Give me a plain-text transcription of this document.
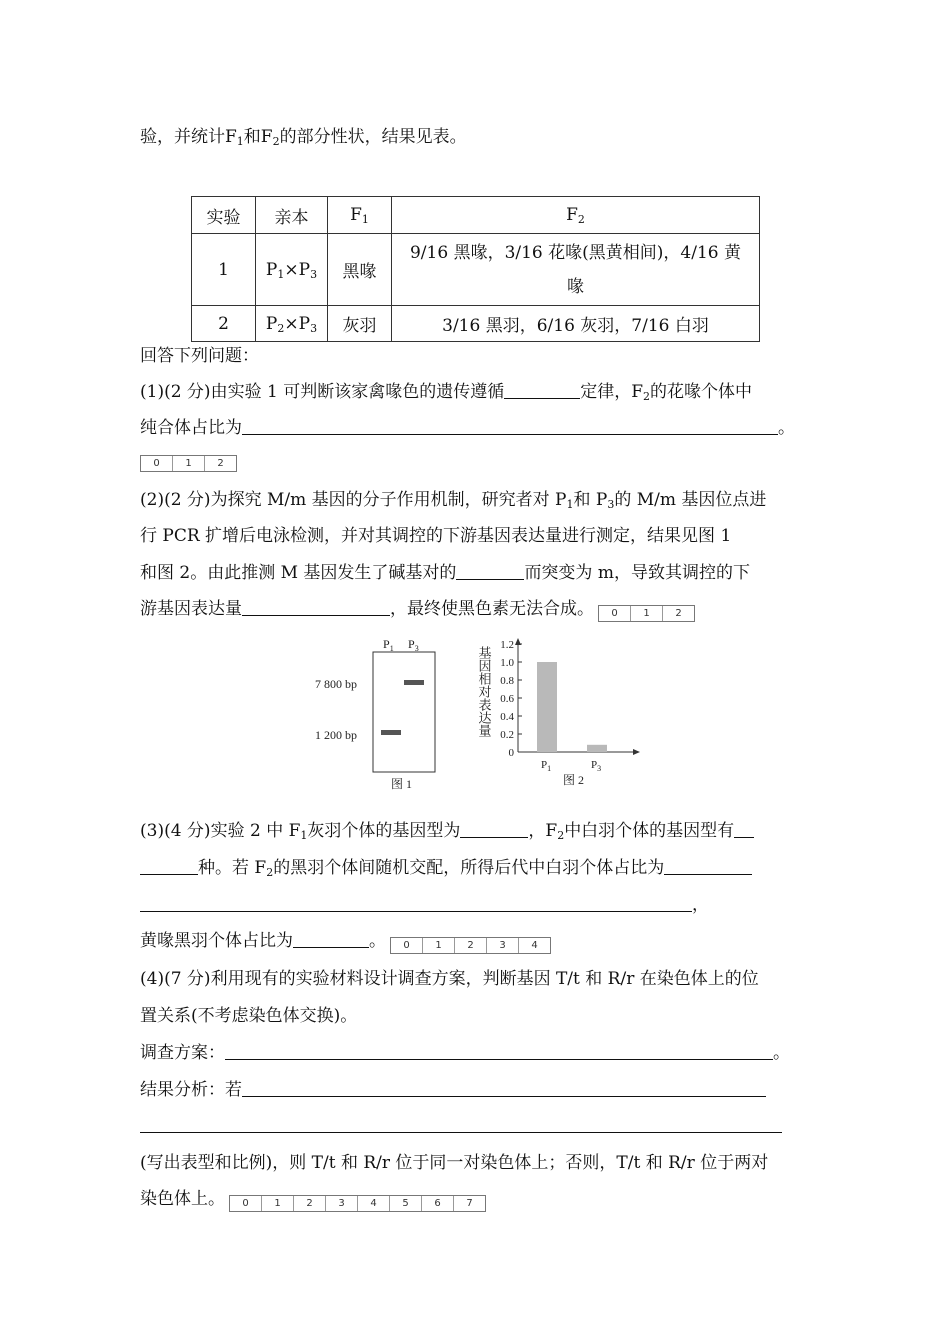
验，并统计$F_1$和$F_2$的部分性状，结果见表。
实验	亲本	$F_1$	$F_2$
1	$P_1\times P_3$	黑喙	9/16 黑喙，3/16 花喙(黑黄相间)，4/16 黄
喙
2	$P_2\times P_3$	灰羽	3/16 黑羽，6/16 灰羽，7/16 白羽
回答下列问题：
(1)(2 分)由实验 1 可判断该家禽喙色的遗传遵循	定律，$F_2$的花喙个体中
纯合体占比为	。
0	1	2
(2)(2 分)为探究 M/m 基因的分子作用机制，研究者对 $P_1$和 $P_3$的 M/m 基因位点进
行 PCR 扩增后电泳检测，并对其调控的下游基因表达量进行测定，结果见图 1
和图 2。由此推测 M 基因发生了碱基对的	而突变为 m，导致其调控的下
游基因表达量	，最终使黑色素无法合成。	0	1	2
$P_1$ $P_3$
7 800 bp
1 200 bp
图 1
基因相对表达量
0
0.2
0.4
0.6
0.8
1.0
1.2
$P_1$	$P_3$
图 2
(3)(4 分)实验 2 中 $F_1$灰羽个体的基因型为	，$F_2$中白羽个体的基因型有
种。若 $F_2$的黑羽个体间随机交配，所得后代中白羽个体占比为
，
黄喙黑羽个体占比为	。	0	1	2	3	4
(4)(7 分)利用现有的实验材料设计调查方案，判断基因 T/t 和 R/r 在染色体上的位
置关系(不考虑染色体交换)。
调查方案：	。
结果分析：若
(写出表型和比例)，则 T/t 和 R/r 位于同一对染色体上；否则，T/t 和 R/r 位于两对
染色体上。	0	1	2	3	4	5	6	7
